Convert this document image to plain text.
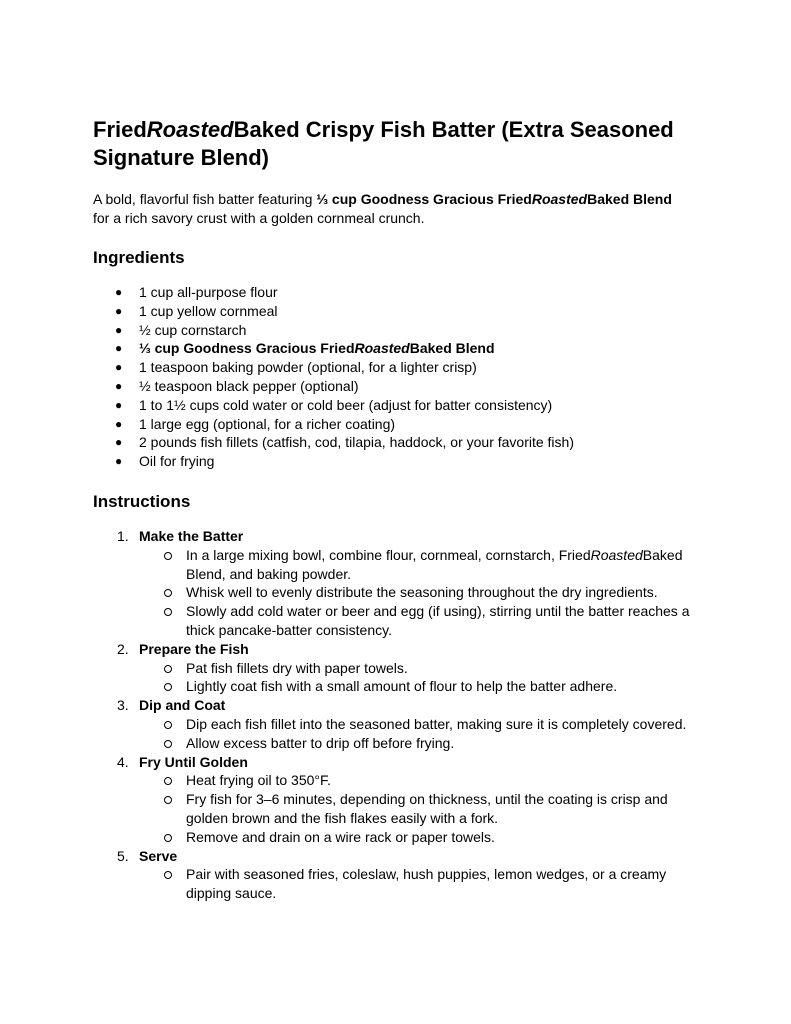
FriedRoastedBaked Crispy Fish Batter (Extra Seasoned Signature Blend)

A bold, flavorful fish batter featuring ⅓ cup Goodness Gracious FriedRoastedBaked Blend
for a rich savory crust with a golden cornmeal crunch.

Ingredients
● 1 cup all-purpose flour
● 1 cup yellow cornmeal
● ½ cup cornstarch
● ⅓ cup Goodness Gracious FriedRoastedBaked Blend
● 1 teaspoon baking powder (optional, for a lighter crisp)
● ½ teaspoon black pepper (optional)
● 1 to 1½ cups cold water or cold beer (adjust for batter consistency)
● 1 large egg (optional, for a richer coating)
● 2 pounds fish fillets (catfish, cod, tilapia, haddock, or your favorite fish)
● Oil for frying
Instructions
1. Make the Batter
In a large mixing bowl, combine flour, cornmeal, cornstarch, FriedRoastedBaked Blend, and baking powder.
Whisk well to evenly distribute the seasoning throughout the dry ingredients.
Slowly add cold water or beer and egg (if using), stirring until the batter reaches a thick pancake-batter consistency.
2. Prepare the Fish
Pat fish fillets dry with paper towels.
Lightly coat fish with a small amount of flour to help the batter adhere.
3. Dip and Coat
Dip each fish fillet into the seasoned batter, making sure it is completely covered.
Allow excess batter to drip off before frying.
4. Fry Until Golden
Heat frying oil to 350°F.
Fry fish for 3–6 minutes, depending on thickness, until the coating is crisp and golden brown and the fish flakes easily with a fork.
Remove and drain on a wire rack or paper towels.
5. Serve
Pair with seasoned fries, coleslaw, hush puppies, lemon wedges, or a creamy dipping sauce.
